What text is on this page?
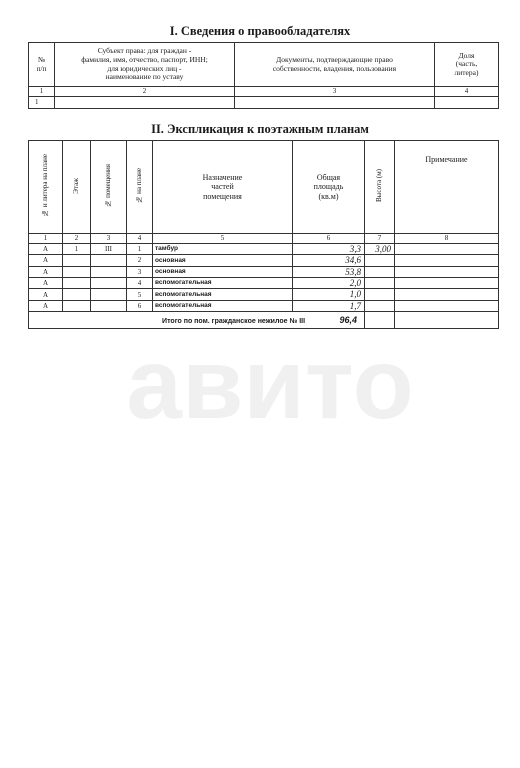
I. Сведения о правообладателях
№
п/п	Субъект права: для граждан -
фамилия, имя, отчество, паспорт, ИНН;
для юридических лиц -
наименование по уставу	Документы, подтверждающие право
собственности, владения, пользования	Доля
(часть,
литера)
1	2	3	4
1			
II. Экспликация к поэтажным планам
№ и литера на плане	Этаж	№ помещения	№ на плане	Назначение
частей
помещения	Общая
площадь
(кв.м)	Высота (м)	Примечание
1	2	3	4	5	6	7	8
А	1	III	1	тамбур	3,3	3,00	
А			2	основная	34,6		
А			3	основная	53,8		
А			4	вспомогательная	2,0		
А			5	вспомогательная	1,0		
А			6	вспомогательная	1,7		
	Итого по пом. гражданское нежилое № III 96,4						
авито
